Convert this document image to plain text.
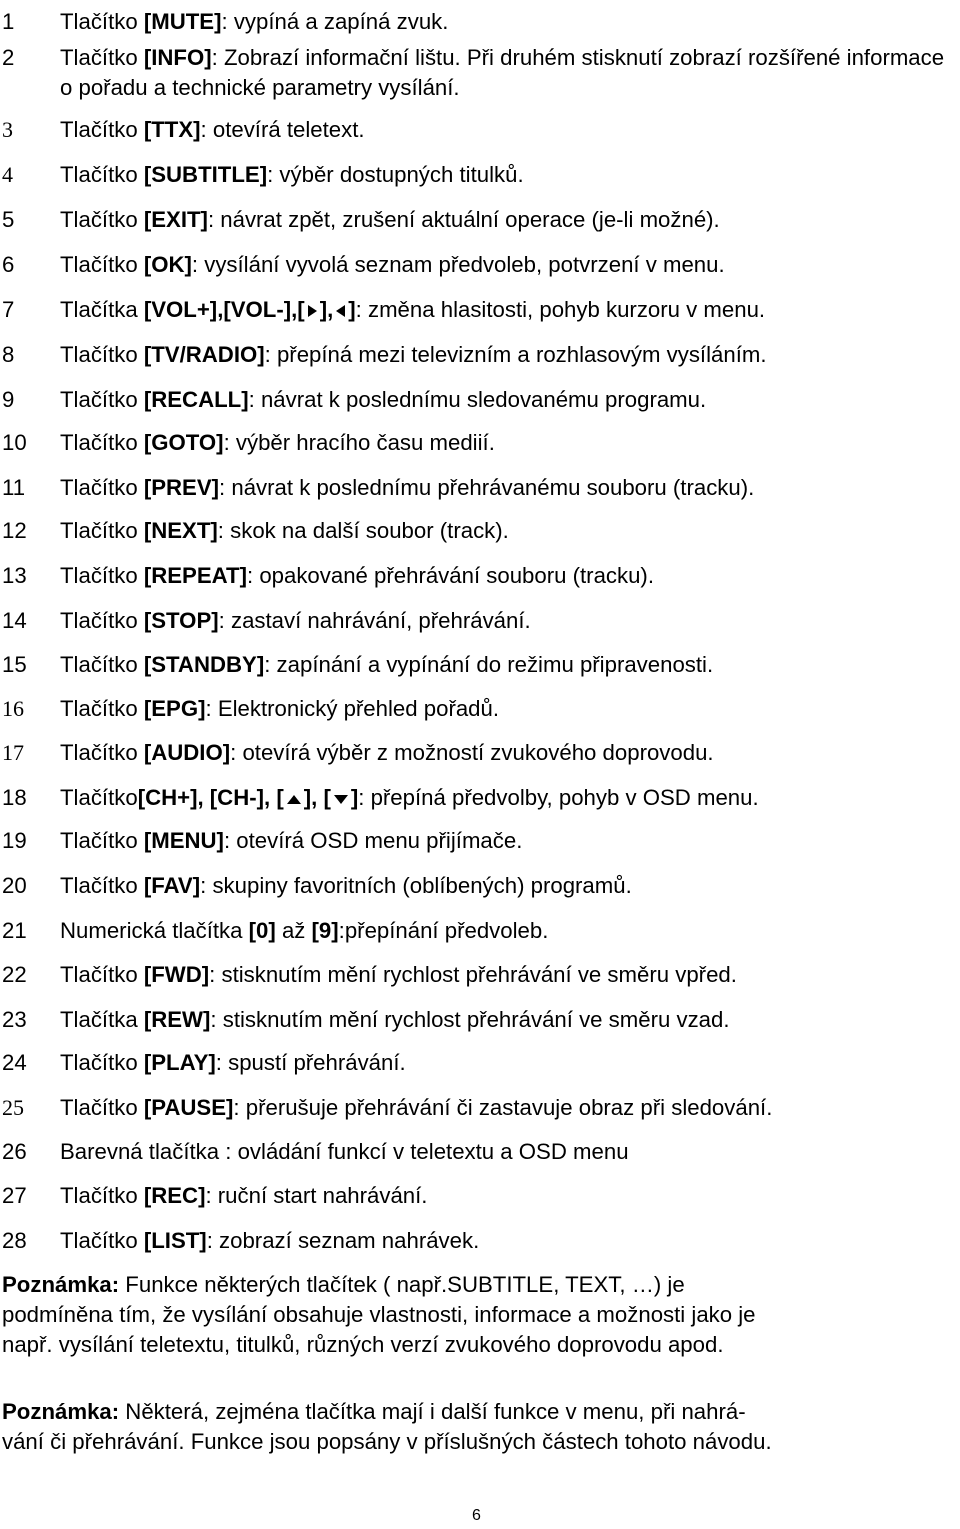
1	Tlačítko [MUTE]: vypíná a zapíná zvuk.
2	Tlačítko [INFO]: Zobrazí informační lištu. Při druhém stisknutí zobrazí rozšířené informace o pořadu a technické parametry vysílání.
3	Tlačítko [TTX]: otevírá teletext.
4	Tlačítko [SUBTITLE]: výběr dostupných titulků.
5	Tlačítko [EXIT]: návrat zpět, zrušení aktuální operace (je-li možné).
6	Tlačítko [OK]: vysílání vyvolá seznam předvoleb, potvrzení v menu.
7	Tlačítka [VOL+],[VOL-],[ ], ]: změna hlasitosti, pohyb kurzoru v menu.
8	Tlačítko [TV/RADIO]: přepíná mezi televizním a rozhlasovým vysíláním.
9	Tlačítko [RECALL]: návrat k poslednímu sledovanému programu.
10	Tlačítko [GOTO]: výběr hracího času mediií.
11	Tlačítko [PREV]: návrat k poslednímu přehrávanému souboru (tracku).
12	Tlačítko [NEXT]: skok na další soubor (track).
13	Tlačítko [REPEAT]: opakované přehrávání souboru (tracku).
14	Tlačítko [STOP]: zastaví nahrávání, přehrávání.
15	Tlačítko [STANDBY]: zapínání a vypínání do režimu připravenosti.
16	Tlačítko [EPG]: Elektronický přehled pořadů.
17	Tlačítko [AUDIO]: otevírá výběr z možností zvukového doprovodu.
18	Tlačítko[CH+], [CH-], [ ], [ ]: přepíná předvolby, pohyb v OSD menu.
19	Tlačítko [MENU]: otevírá OSD menu přijímače.
20	Tlačítko [FAV]: skupiny favoritních (oblíbených) programů.
21	Numerická tlačítka [0] až [9]:přepínání předvoleb.
22	Tlačítko [FWD]: stisknutím mění rychlost přehrávání ve směru vpřed.
23	Tlačítka [REW]: stisknutím mění rychlost přehrávání ve směru vzad.
24	Tlačítko [PLAY]: spustí přehrávání.
25	Tlačítko [PAUSE]: přerušuje přehrávání či zastavuje obraz při sledování.
26	Barevná tlačítka : ovládání funkcí v teletextu a OSD menu
27	Tlačítko [REC]: ruční start nahrávání.
28	Tlačítko [LIST]: zobrazí seznam nahrávek.
Poznámka: Funkce některých tlačítek ( např.SUBTITLE, TEXT, …) je
podmíněna tím, že vysílání obsahuje vlastnosti, informace a možnosti jako je
např. vysílání teletextu, titulků, různých verzí zvukového doprovodu apod.
Poznámka: Některá, zejména tlačítka mají i další funkce v menu, při nahrá-
vání či přehrávání. Funkce jsou popsány v příslušných částech tohoto návodu.
6
